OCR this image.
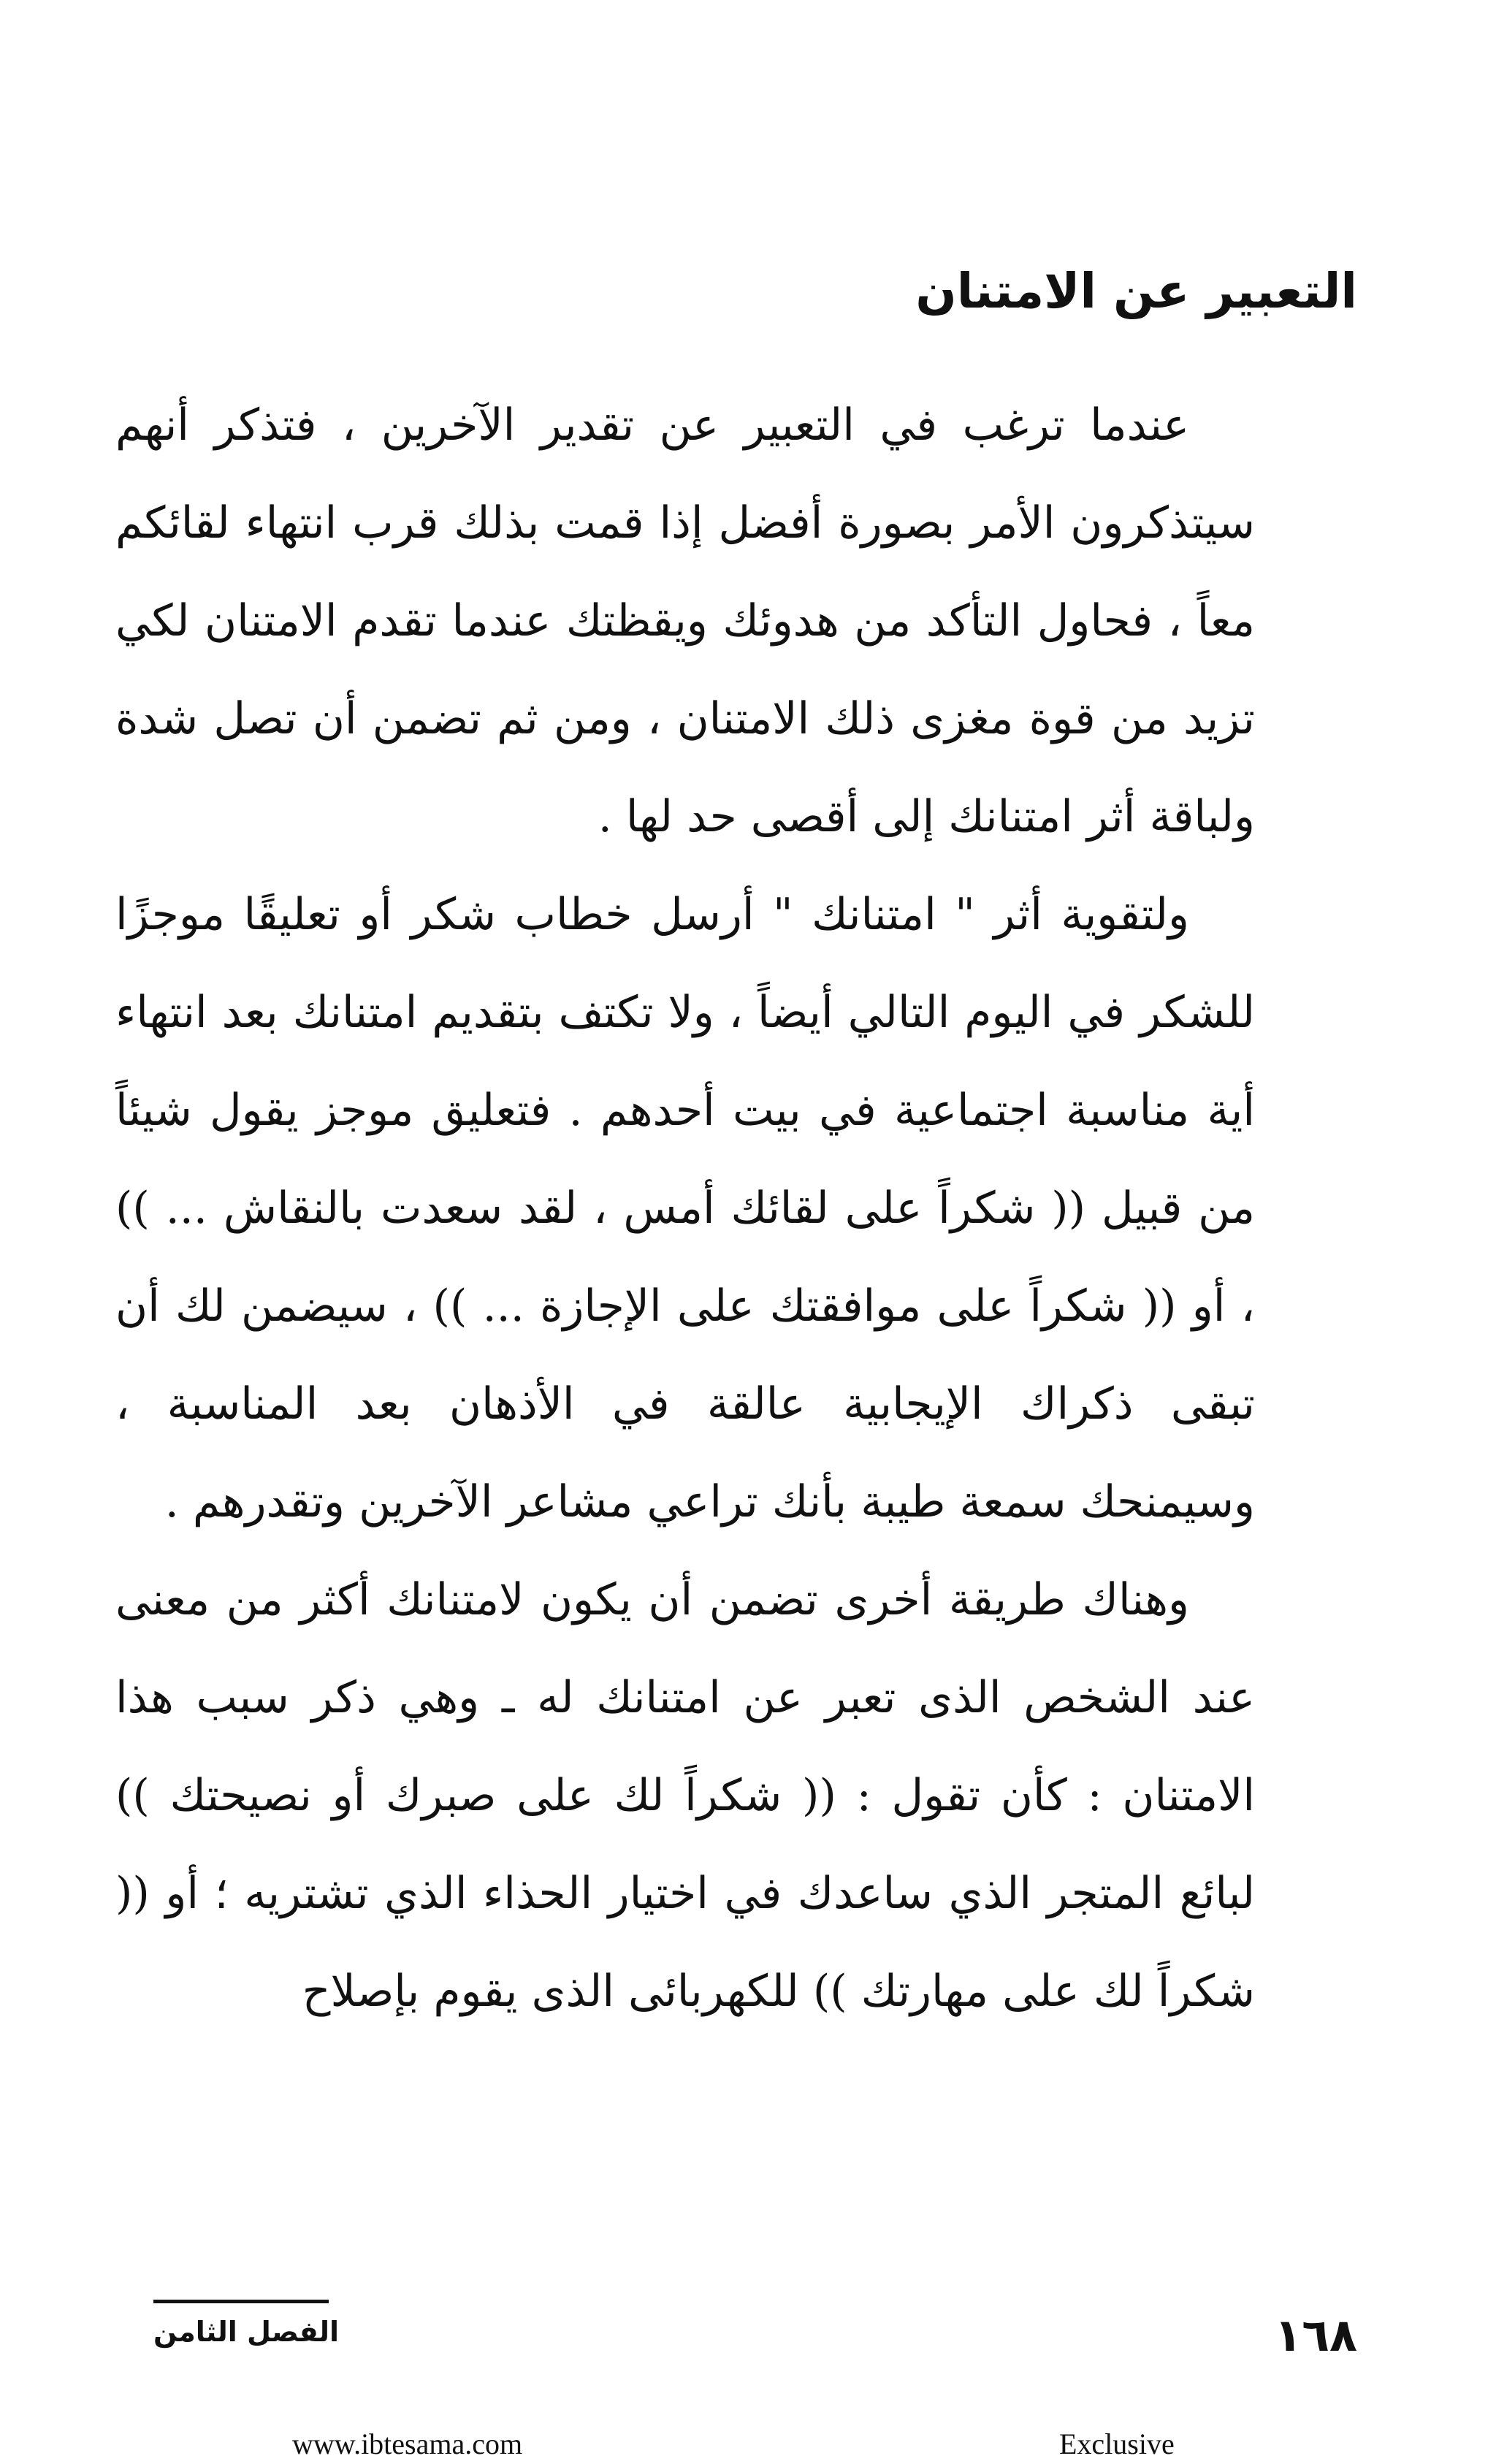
التعبير عن الامتنان

عندما ترغب في التعبير عن تقدير الآخرين ، فتذكر أنهم سيتذكرون الأمر بصورة أفضل إذا قمت بذلك قرب انتهاء لقائكم معاً ، فحاول التأكد من هدوئك ويقظتك عندما تقدم الامتنان لكي تزيد من قوة مغزى ذلك الامتنان ، ومن ثم تضمن أن تصل شدة ولباقة أثر امتنانك إلى أقصى حد لها .

ولتقوية أثر " امتنانك " أرسل خطاب شكر أو تعليقًا موجزًا للشكر في اليوم التالي أيضاً ، ولا تكتف بتقديم امتنانك بعد انتهاء أية مناسبة اجتماعية في بيت أحدهم . فتعليق موجز يقول شيئاً من قبيل (( شكراً على لقائك أمس ، لقد سعدت بالنقاش ... )) ، أو (( شكراً على موافقتك على الإجازة ... )) ، سيضمن لك أن تبقى ذكراك الإيجابية عالقة في الأذهان بعد المناسبة ، وسيمنحك سمعة طيبة بأنك تراعي مشاعر الآخرين وتقدرهم .

وهناك طريقة أخرى تضمن أن يكون لامتنانك أكثر من معنى عند الشخص الذى تعبر عن امتنانك له ـ وهي ذكر سبب هذا الامتنان : كأن تقول : (( شكراً لك على صبرك أو نصيحتك )) لبائع المتجر الذي ساعدك في اختيار الحذاء الذي تشتريه ؛ أو (( شكراً لك على مهارتك )) للكهربائى الذى يقوم بإصلاح

الفصل الثامن	١٦٨
www.ibtesama.com	Exclusive
